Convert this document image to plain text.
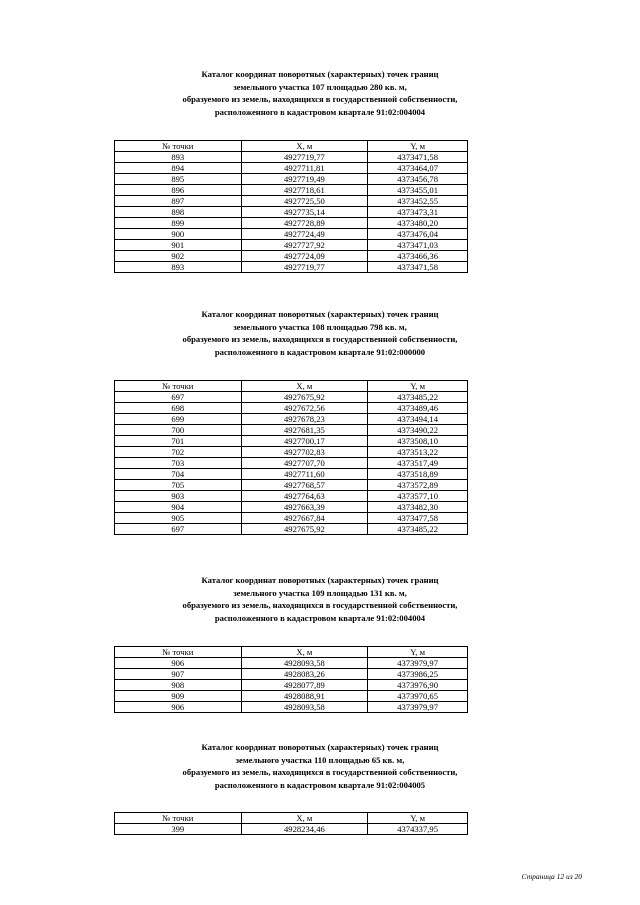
Каталог координат поворотных (характерных) точек границ
земельного участка 107 площадью 280 кв. м,
образуемого из земель, находящихся в государственной собственности,
расположенного в кадастровом квартале 91:02:004004
№ точки	X, м	Y, м
893	4927719,77	4373471,58
894	4927711,81	4373464,07
895	4927719,49	4373456,78
896	4927718,61	4373455,01
897	4927725,50	4373452,55
898	4927735,14	4373473,31
899	4927728,89	4373480,20
900	4927724,49	4373476,04
901	4927727,92	4373471,03
902	4927724,09	4373466,36
893	4927719,77	4373471,58
Каталог координат поворотных (характерных) точек границ
земельного участка 108 площадью 798 кв. м,
образуемого из земель, находящихся в государственной собственности,
расположенного в кадастровом квартале 91:02:000000
№ точки	X, м	Y, м
697	4927675,92	4373485,22
698	4927672,56	4373489,46
699	4927678,23	4373494,14
700	4927681,35	4373490,22
701	4927700,17	4373508,10
702	4927702,83	4373513,22
703	4927707,70	4373517,49
704	4927711,60	4373518,89
705	4927768,57	4373572,89
903	4927764,63	4373577,10
904	4927663,39	4373482,30
905	4927667,84	4373477,58
697	4927675,92	4373485,22
Каталог координат поворотных (характерных) точек границ
земельного участка 109 площадью 131 кв. м,
образуемого из земель, находящихся в государственной собственности,
расположенного в кадастровом квартале 91:02:004004
№ точки	X, м	Y, м
906	4928093,58	4373979,97
907	4928083,26	4373986,25
908	4928077,89	4373976,90
909	4928088,91	4373970,65
906	4928093,58	4373979,97
Каталог координат поворотных (характерных) точек границ
земельного участка 110 площадью 65 кв. м,
образуемого из земель, находящихся в государственной собственности,
расположенного в кадастровом квартале 91:02:004005
№ точки	X, м	Y, м
399	4928234,46	4374337,95
Страница 12 из 20
